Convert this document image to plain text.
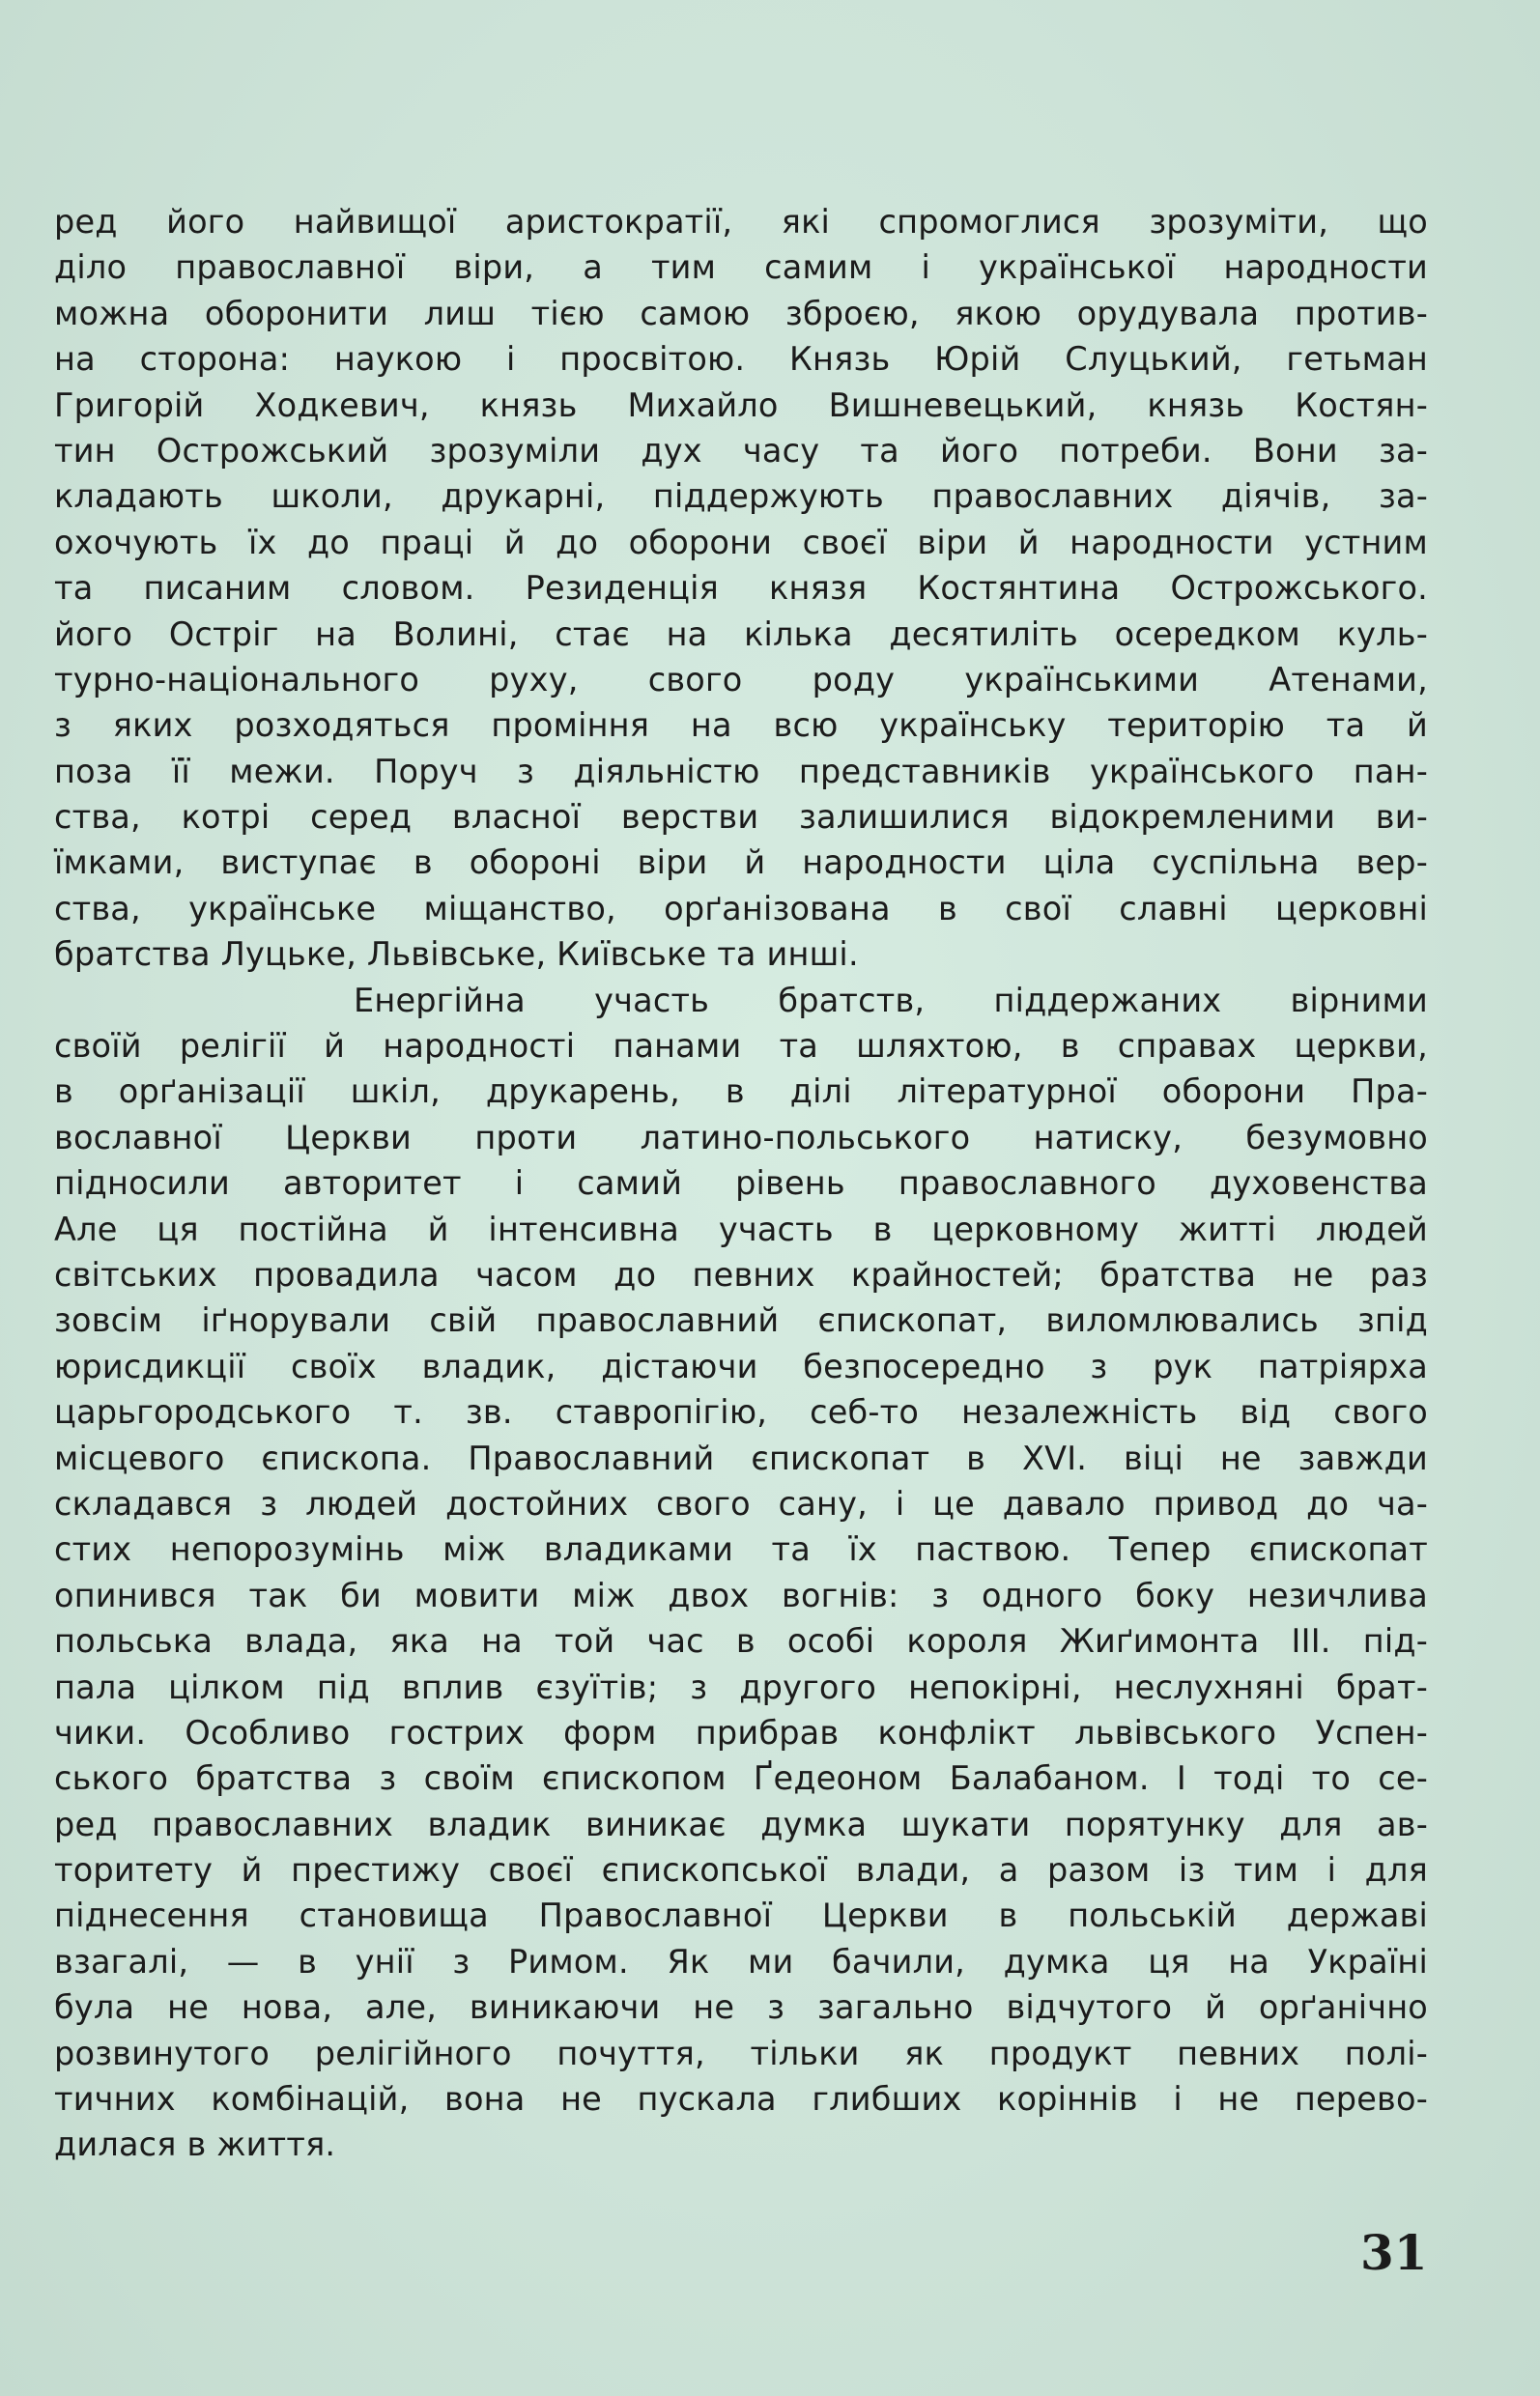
ред його найвищої аристократії, які спромоглися зрозуміти, що
діло православної віри, а тим самим і української народности
можна оборонити лиш тією самою зброєю, якою орудувала против-
на сторона: наукою і просвітою. Князь Юрій Слуцький, гетьман
Григорій Ходкевич, князь Михайло Вишневецький, князь Костян-
тин Острожський зрозуміли дух часу та його потреби. Вони за-
кладають школи, друкарні, піддержують православних діячів, за-
охочують їх до праці й до оборони своєї віри й народности устним
та писаним словом. Резиденція князя Костянтина Острожського.
його Остріг на Волині, стає на кілька десятиліть осередком куль-
турно-національного руху, свого роду українськими Атенами,
з яких розходяться проміння на всю українську територію та й
поза її межи. Поруч з діяльністю представників українського пан-
ства, котрі серед власної верстви залишилися відокремленими ви-
їмками, виступає в обороні віри й народности ціла суспільна вер-
ства, українське міщанство, орґанізована в свої славні церковні
братства Луцьке, Львівське, Київське та инші.
Енергійна участь братств, піддержаних вірними
своїй релігії й народності панами та шляхтою, в справах церкви,
в орґанізації шкіл, друкарень, в ділі літературної оборони Пра-
вославної Церкви проти латино-польського натиску, безумовно
підносили авторитет і самий рівень православного духовенства
Але ця постійна й інтенсивна участь в церковному житті людей
світських провадила часом до певних крайностей; братства не раз
зовсім іґнорували свій православний єпископат, виломлювались зпід
юрисдикції своїх владик, дістаючи безпосередно з рук патріярха
царьгородського т. зв. ставропігію, себ-то незалежність від свого
місцевого єпископа. Православний єпископат в XVI. віці не завжди
складався з людей достойних свого сану, і це давало привод до ча-
стих непорозумінь між владиками та їх паствою. Тепер єпископат
опинився так би мовити між двох вогнів: з одного боку незичлива
польська влада, яка на той час в особі короля Жиґимонта III. під-
пала цілком під вплив єзуїтів; з другого непокірні, неслухняні брат-
чики. Особливо гострих форм прибрав конфлікт львівського Успен-
ського братства з своїм єпископом Ґедеоном Балабаном. І тоді то се-
ред православних владик виникає думка шукати порятунку для ав-
торитету й престижу своєї єпископської влади, а разом із тим і для
піднесення становища Православної Церкви в польській державі
взагалі, — в унії з Римом. Як ми бачили, думка ця на Україні
була не нова, але, виникаючи не з загально відчутого й орґанічно
розвинутого релігійного почуття, тільки як продукт певних полі-
тичних комбінацій, вона не пускала глибших коріннів і не перево-
дилася в життя.
31
